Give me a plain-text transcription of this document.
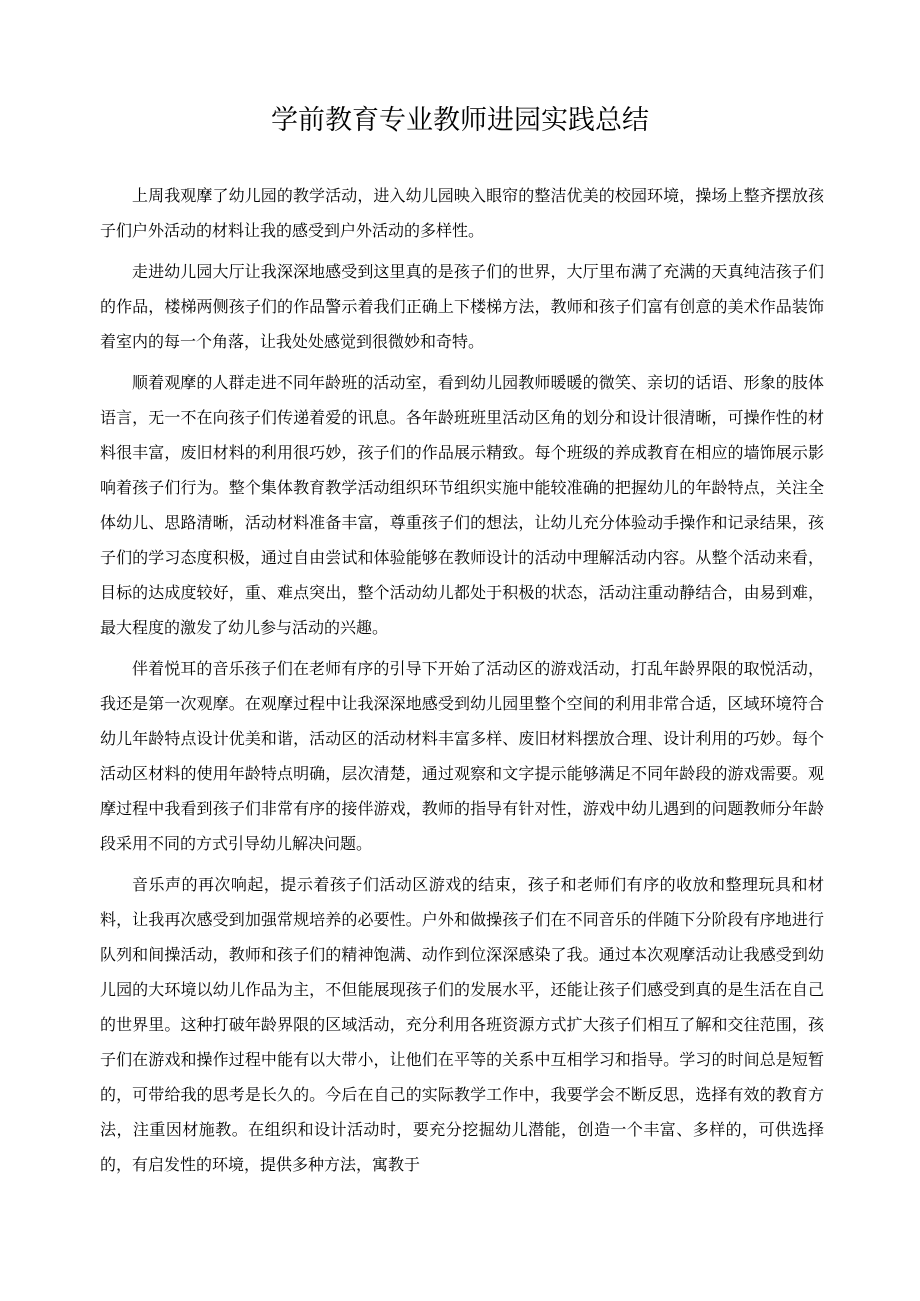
学前教育专业教师进园实践总结

上周我观摩了幼儿园的教学活动，进入幼儿园映入眼帘的整洁优美的校园环境，操场上整齐摆放孩子们户外活动的材料让我的感受到户外活动的多样性。

走进幼儿园大厅让我深深地感受到这里真的是孩子们的世界，大厅里布满了充满的天真纯洁孩子们的作品，楼梯两侧孩子们的作品警示着我们正确上下楼梯方法，教师和孩子们富有创意的美术作品装饰着室内的每一个角落，让我处处感觉到很微妙和奇特。

顺着观摩的人群走进不同年龄班的活动室，看到幼儿园教师暖暖的微笑、亲切的话语、形象的肢体语言，无一不在向孩子们传递着爱的讯息。各年龄班班里活动区角的划分和设计很清晰，可操作性的材料很丰富，废旧材料的利用很巧妙，孩子们的作品展示精致。每个班级的养成教育在相应的墙饰展示影响着孩子们行为。整个集体教育教学活动组织环节组织实施中能较准确的把握幼儿的年龄特点，关注全体幼儿、思路清晰，活动材料准备丰富，尊重孩子们的想法，让幼儿充分体验动手操作和记录结果，孩子们的学习态度积极，通过自由尝试和体验能够在教师设计的活动中理解活动内容。从整个活动来看，目标的达成度较好，重、难点突出，整个活动幼儿都处于积极的状态，活动注重动静结合，由易到难，最大程度的激发了幼儿参与活动的兴趣。

伴着悦耳的音乐孩子们在老师有序的引导下开始了活动区的游戏活动，打乱年龄界限的取悦活动，我还是第一次观摩。在观摩过程中让我深深地感受到幼儿园里整个空间的利用非常合适，区域环境符合幼儿年龄特点设计优美和谐，活动区的活动材料丰富多样、废旧材料摆放合理、设计利用的巧妙。每个活动区材料的使用年龄特点明确，层次清楚，通过观察和文字提示能够满足不同年龄段的游戏需要。观摩过程中我看到孩子们非常有序的接伴游戏，教师的指导有针对性，游戏中幼儿遇到的问题教师分年龄段采用不同的方式引导幼儿解决问题。

音乐声的再次响起，提示着孩子们活动区游戏的结束，孩子和老师们有序的收放和整理玩具和材料，让我再次感受到加强常规培养的必要性。户外和做操孩子们在不同音乐的伴随下分阶段有序地进行队列和间操活动，教师和孩子们的精神饱满、动作到位深深感染了我。通过本次观摩活动让我感受到幼儿园的大环境以幼儿作品为主，不但能展现孩子们的发展水平，还能让孩子们感受到真的是生活在自己的世界里。这种打破年龄界限的区域活动，充分利用各班资源方式扩大孩子们相互了解和交往范围，孩子们在游戏和操作过程中能有以大带小，让他们在平等的关系中互相学习和指导。学习的时间总是短暂的，可带给我的思考是长久的。今后在自己的实际教学工作中，我要学会不断反思，选择有效的教育方法，注重因材施教。在组织和设计活动时，要充分挖掘幼儿潜能，创造一个丰富、多样的，可供选择的，有启发性的环境，提供多种方法，寓教于
